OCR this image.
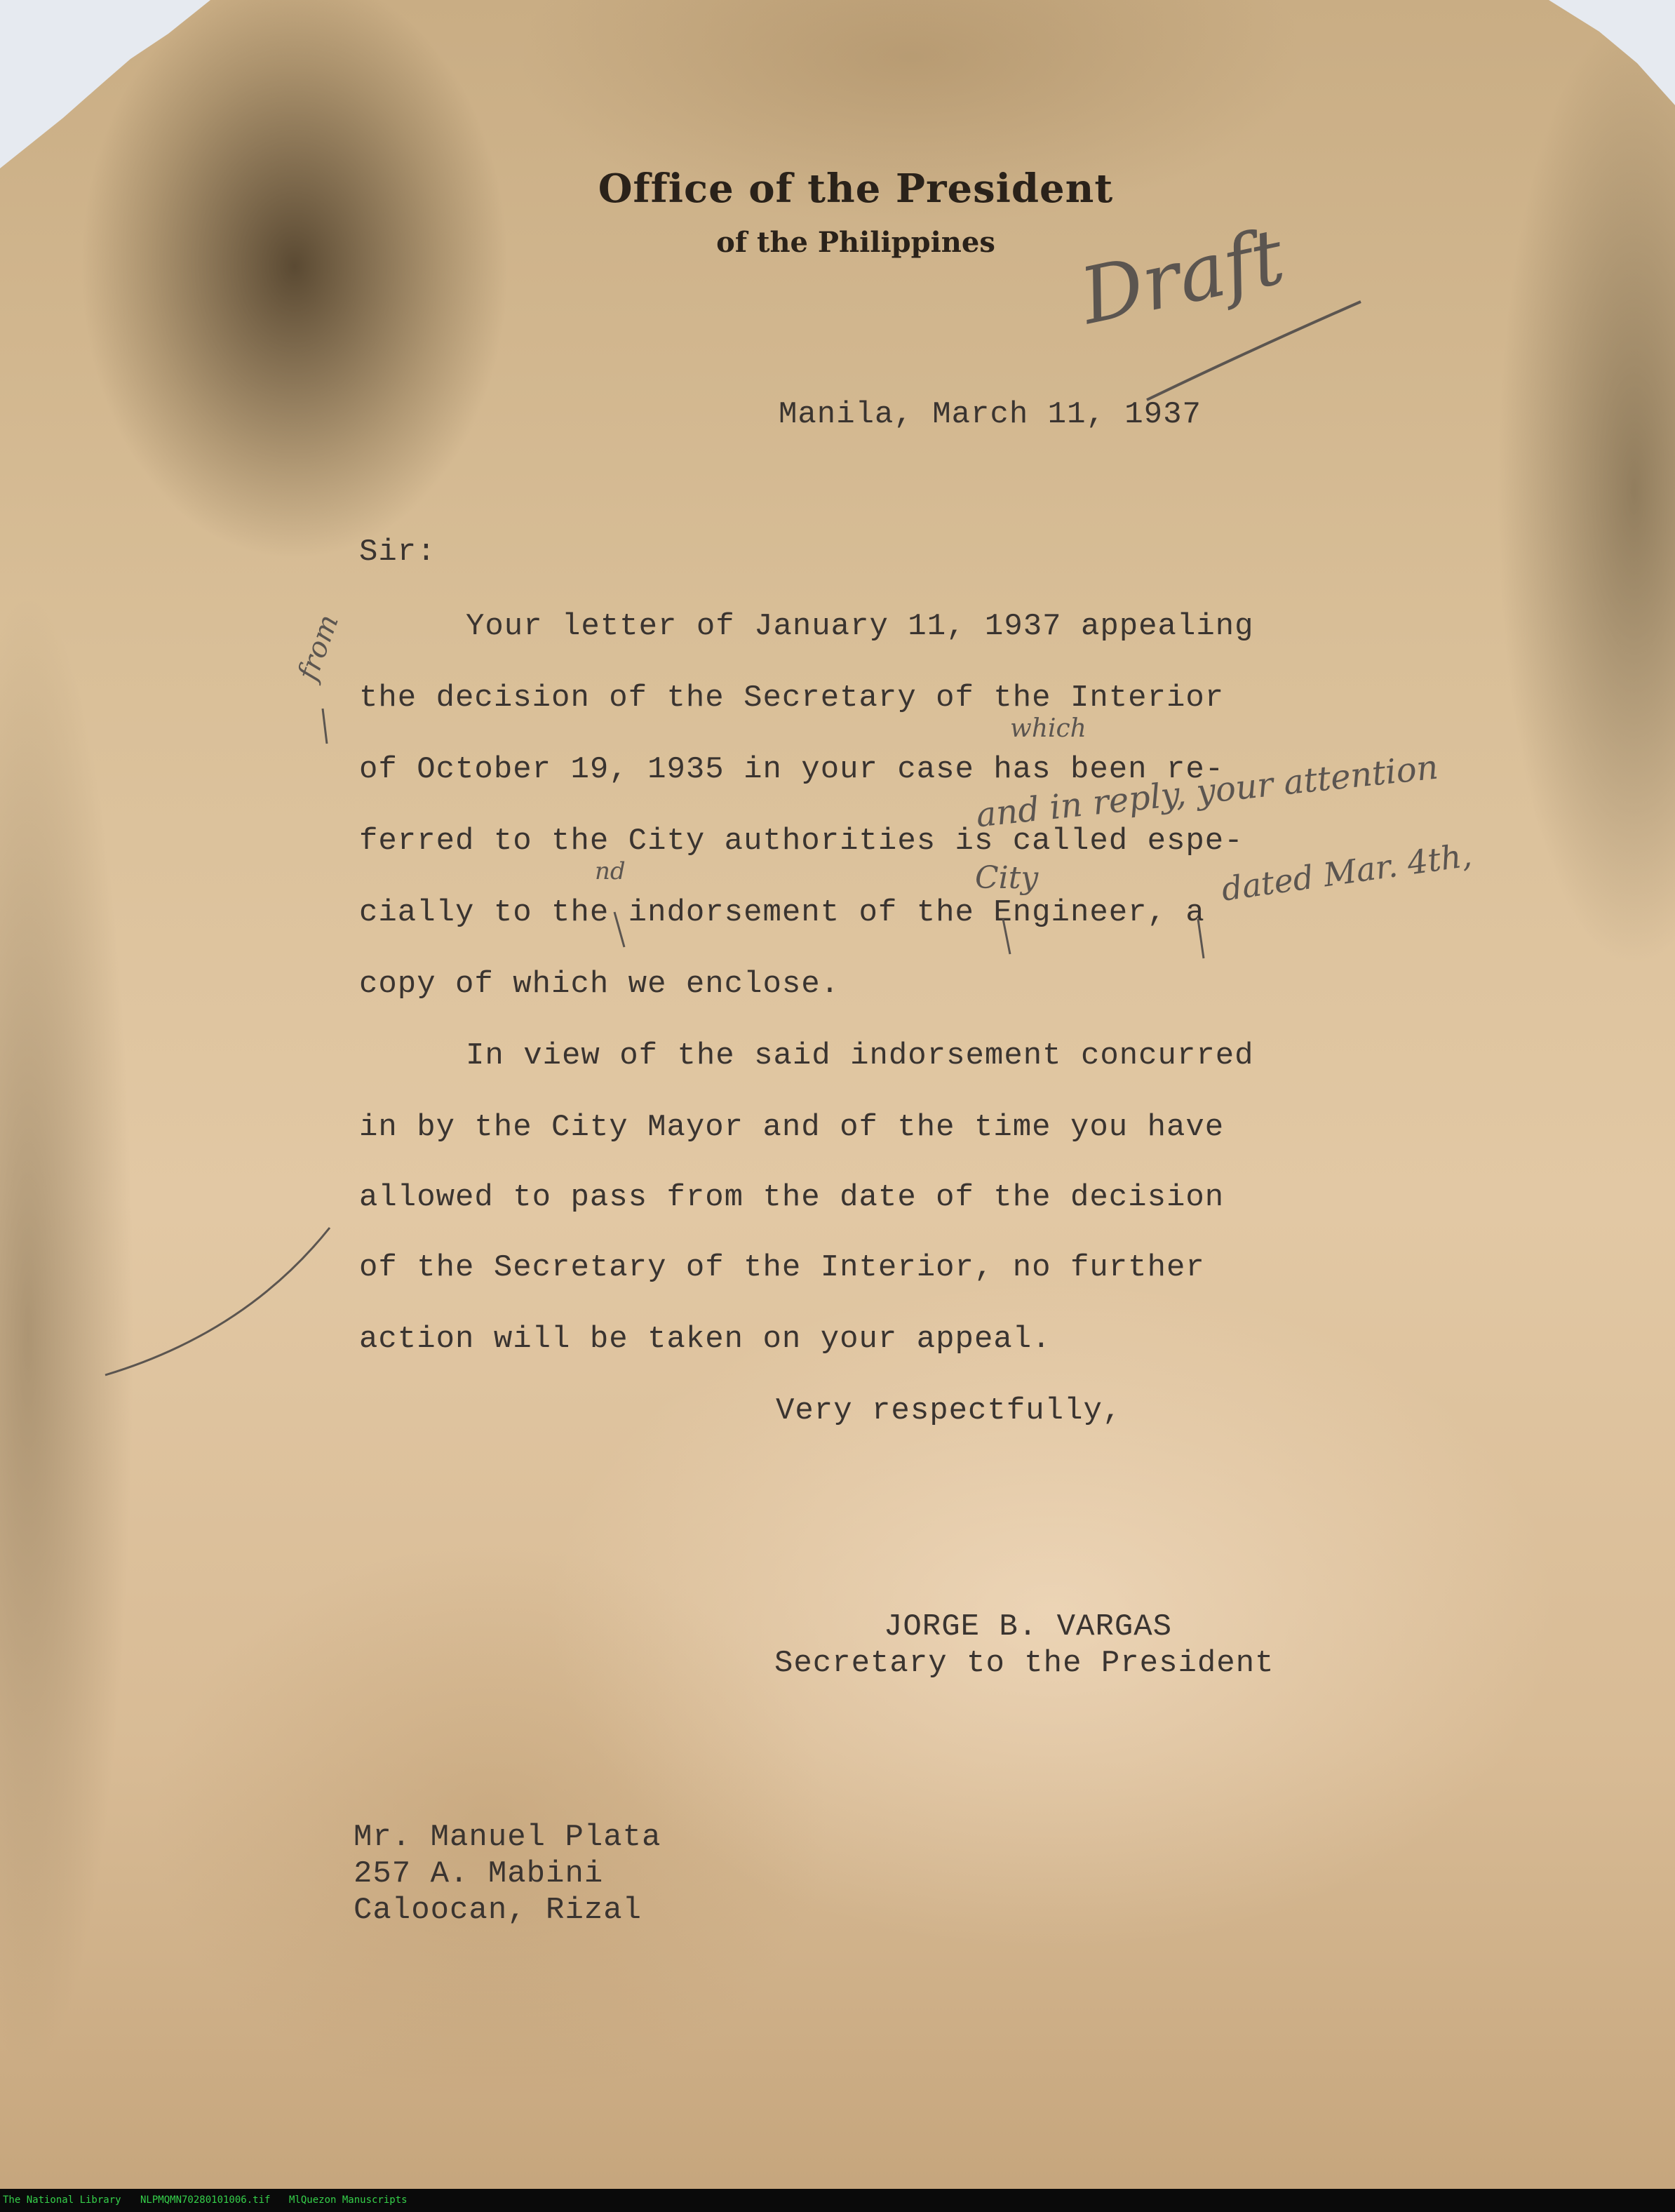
Office of the President
of the Philippines	Draft
Manila, March 11, 1937
Sir:
Your letter of January 11, 1937 appealing
the decision of the Secretary of the Interior
of October 19, 1935 in your case has been re-
ferred to the City authorities is called espe-
cially to the indorsement of the Engineer, a
copy of which we enclose.
from
which
and in reply, your attention
nd	City	dated Mar. 4th,
In view of the said indorsement concurred
in by the City Mayor and of the time you have
allowed to pass from the date of the decision
of the Secretary of the Interior, no further
action will be taken on your appeal.
Very respectfully,
JORGE B. VARGAS
Secretary to the President
Mr. Manuel Plata
257 A. Mabini
Caloocan, Rizal
The National Library NLPMQMN70280101006.tif MlQuezon Manuscripts
